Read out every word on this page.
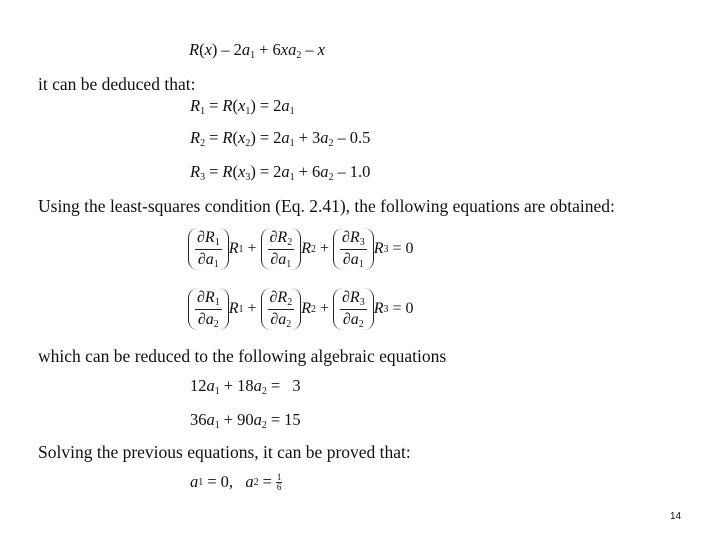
$R(x) - 2a_1 + 6xa_2 - x$
it can be deduced that:
$R_1 = R(x_1) = 2a_1$
$R_2 = R(x_2) = 2a_1 + 3a_2 - 0.5$
$R_3 = R(x_3) = 2a_1 + 6a_2 - 1.0$
Using the least-squares condition (Eq. 2.41), the following equations are obtained:
$\frac{\partial R_1}{\partial a_1}$ R $1 + \frac{\partial R_2}{\partial a_1}$ R $2 + \frac{\partial R_3}{\partial a_1}$ R 3 = 0
$\frac{\partial R_1}{\partial a_2}$ R $1 + \frac{\partial R_2}{\partial a_2}$ R $2 + \frac{\partial R_3}{\partial a_2}$ R 3 = 0
which can be reduced to the following algebraic equations
$12a_1 + 18a_2 = 3$
$36a_1 + 90a_2 = 15$
Solving the previous equations, it can be proved that:
a 1 = 0 , a $2 = \frac{1}{6}$
14
